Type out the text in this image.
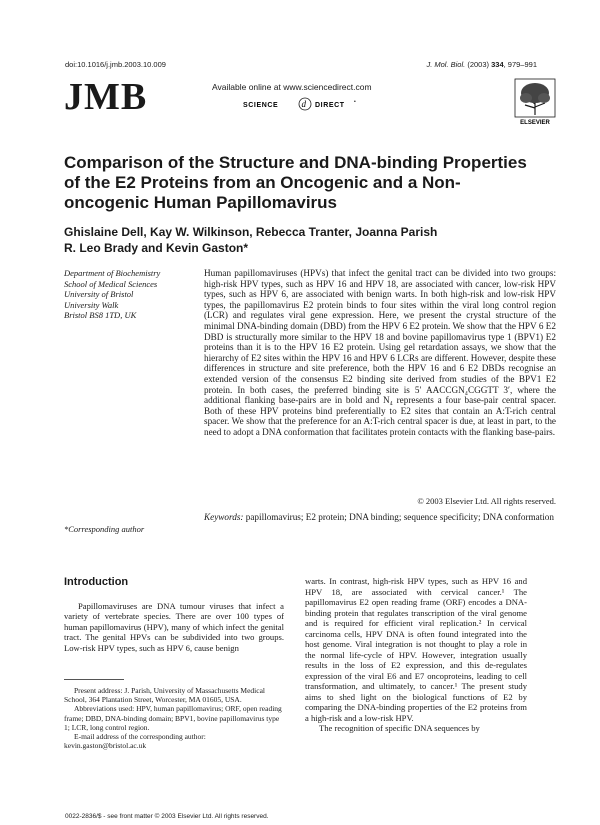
doi:10.1016/j.jmb.2003.10.009	J. Mol. Biol. (2003) 334, 979–991
JMB	Available online at www.sciencedirect.com
SCIENCE	d DIRECT •
ELSEVIER
Comparison of the Structure and DNA-binding Properties of the E2 Proteins from an Oncogenic and a Non-oncogenic Human Papillomavirus
Ghislaine Dell, Kay W. Wilkinson, Rebecca Tranter, Joanna Parish
R. Leo Brady and Kevin Gaston*
Department of Biochemistry
School of Medical Sciences
University of Bristol
University Walk
Bristol BS8 1TD, UK
*Corresponding author
Human papillomaviruses (HPVs) that infect the genital tract can be divided into two groups: high-risk HPV types, such as HPV 16 and HPV 18, are associated with cancer, low-risk HPV types, such as HPV 6, are associated with benign warts. In both high-risk and low-risk HPV types, the papillomavirus E2 protein binds to four sites within the viral long control region (LCR) and regulates viral gene expression. Here, we present the crystal structure of the minimal DNA-binding domain (DBD) from the HPV 6 E2 protein. We show that the HPV 6 E2 DBD is structurally more similar to the HPV 18 and bovine papillomavirus type 1 (BPV1) E2 proteins than it is to the HPV 16 E2 protein. Using gel retardation assays, we show that the hierarchy of E2 sites within the HPV 16 and HPV 6 LCRs are different. However, despite these differences in structure and site preference, both the HPV 16 and 6 E2 DBDs recognise an extended version of the consensus E2 binding site derived from studies of the BPV1 E2 protein. In both cases, the preferred binding site is 5′ AACCGN₄CGGTT 3′, where the additional flanking base-pairs are in bold and N₄ represents a four base-pair central spacer. Both of these HPV proteins bind preferentially to E2 sites that contain an A:T-rich central spacer. We show that the preference for an A:T-rich central spacer is due, at least in part, to the need to adopt a DNA conformation that facilitates protein contacts with the flanking base-pairs.
© 2003 Elsevier Ltd. All rights reserved.
Keywords: papillomavirus; E2 protein; DNA binding; sequence specificity; DNA conformation
Introduction

Papillomaviruses are DNA tumour viruses that infect a variety of vertebrate species. There are over 100 types of human papillomavirus (HPV), many of which infect the genital tract. The genital HPVs can be subdivided into two groups. Low-risk HPV types, such as HPV 6, cause benign

Present address: J. Parish, University of Massachusetts Medical School, 364 Plantation Street, Worcester, MA 01605, USA.

Abbreviations used: HPV, human papillomavirus; ORF, open reading frame; DBD, DNA-binding domain; BPV1, bovine papillomavirus type 1; LCR, long control region.

E-mail address of the corresponding author: kevin.gaston@bristol.ac.uk

warts. In contrast, high-risk HPV types, such as HPV 16 and HPV 18, are associated with cervical cancer.¹ The papillomavirus E2 open reading frame (ORF) encodes a DNA-binding protein that regulates transcription of the viral genome and is required for efficient viral replication.² In cervical carcinoma cells, HPV DNA is often found integrated into the host genome. Viral integration is not thought to play a role in the normal life-cycle of HPV. However, integration usually results in the loss of E2 expression, and this de-regulates expression of the viral E6 and E7 oncoproteins, leading to cell transformation, and ultimately, to cancer.¹ The present study aims to shed light on the biological functions of E2 by comparing the DNA-binding properties of the E2 proteins from a high-risk and a low-risk HPV.

The recognition of specific DNA sequences by

0022-2836/$ - see front matter © 2003 Elsevier Ltd. All rights reserved.
